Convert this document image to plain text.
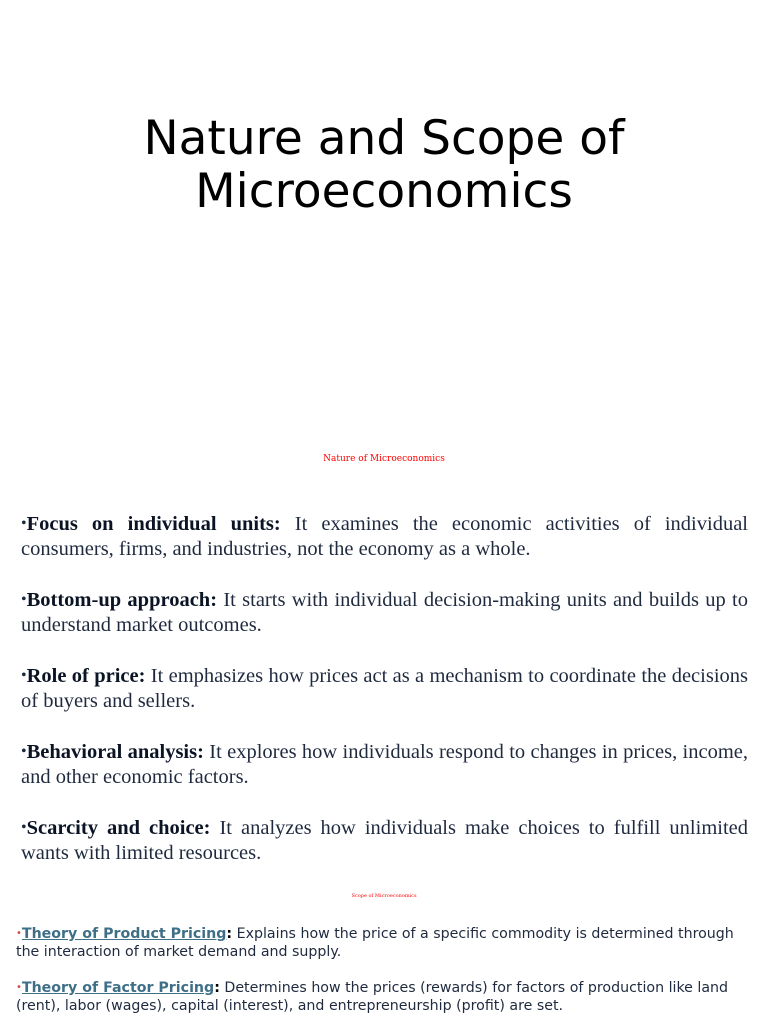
Nature and Scope of Microeconomics
Nature of Microeconomics
•Focus on individual units: It examines the economic activities of individual consumers, firms, and industries, not the economy as a whole.
•Bottom-up approach: It starts with individual decision-making units and builds up to understand market outcomes.
•Role of price: It emphasizes how prices act as a mechanism to coordinate the decisions of buyers and sellers.
•Behavioral analysis: It explores how individuals respond to changes in prices, income, and other economic factors.
•Scarcity and choice: It analyzes how individuals make choices to fulfill unlimited wants with limited resources.
Scope of Microeconomics
•Theory of Product Pricing: Explains how the price of a specific commodity is determined through the interaction of market demand and supply.
•Theory of Factor Pricing: Determines how the prices (rewards) for factors of production like land (rent), labor (wages), capital (interest), and entrepreneurship (profit) are set.
